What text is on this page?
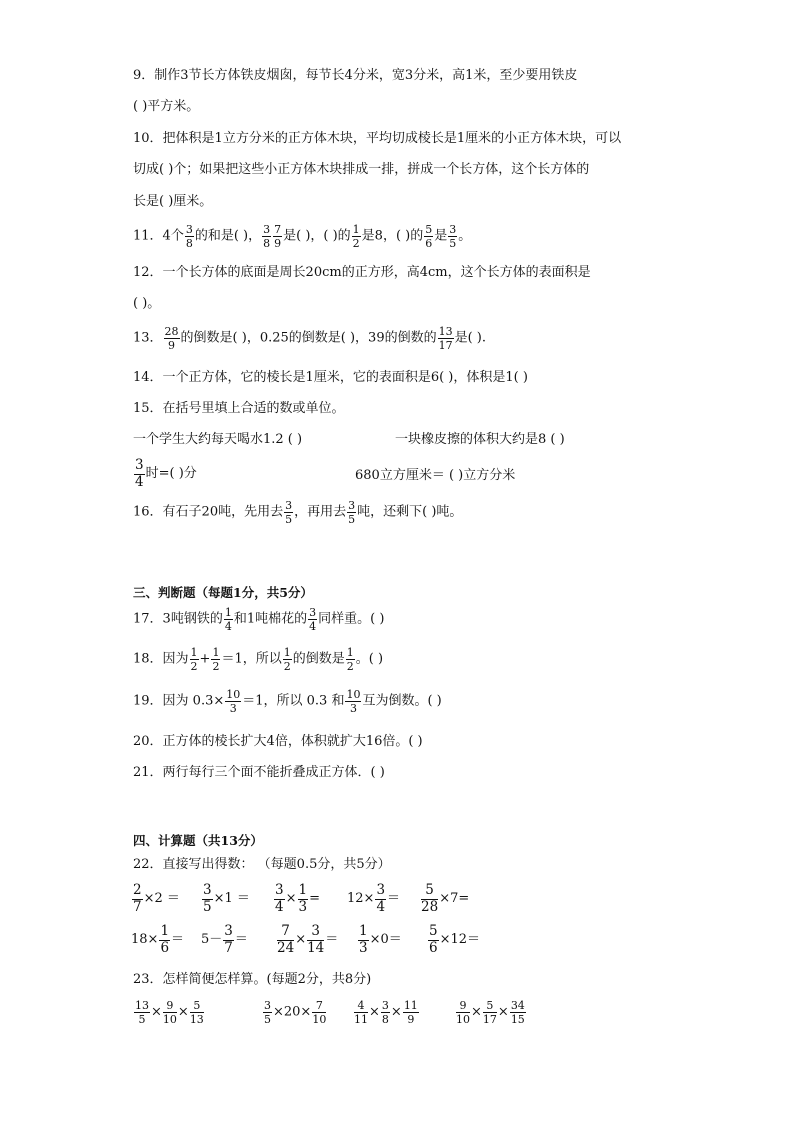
9．制作3节长方体铁皮烟囱，每节长4分米，宽3分米，高1米，至少要用铁皮
( )平方米。
10．把体积是1立方分米的正方体木块，平均切成棱长是1厘米的小正方体木块，可以
切成( )个；如果把这些小正方体木块排成一排，拼成一个长方体，这个长方体的
长是( )厘米。
11．4个 $\frac{3}{8}$ 的和是( )， $\frac{3}{8} \frac{7}{9}$ 是( )，( )的 $\frac{1}{2}$ 是8，( )的 $\frac{5}{6}$ 是 $\frac{3}{5}$ 。
12．一个长方体的底面是周长20cm的正方形，高4cm，这个长方体的表面积是
( )。
13． $\frac{28}{9}$ 的倒数是( )，0.25的倒数是( )，39的倒数的 $\frac{13}{17}$ 是( ).
14．一个正方体，它的棱长是1厘米，它的表面积是6( )，体积是1( )
15．在括号里填上合适的数或单位。
一个学生大约每天喝水1.2 ( )	一块橡皮擦的体积大约是8 ( )
$\frac{3}{4}$ 时=( )分	680立方厘米＝ ( )立方分米
16．有石子20吨，先用去 $\frac{3}{5}$ ，再用去 $\frac{3}{5}$ 吨，还剩下( )吨。
三、判断题（每题1分，共5分）
17．3吨钢铁的 $\frac{1}{4}$ 和1吨棉花的 $\frac{3}{4}$ 同样重。( )
18．因为 $\frac{1}{2} + \frac{1}{2} =1$，所以 $\frac{1}{2}$ 的倒数是 $\frac{1}{2}$ 。( )
19．因为 $0.3\times \frac{10}{3} =1$，所以 0.3 和 $\frac{10}{3}$ 互为倒数。( )
20．正方体的棱长扩大4倍，体积就扩大16倍。( )
21．两行每行三个面不能折叠成正方体．( )
四、计算题（共13分）
22．直接写出得数： （每题0.5分，共5分）
$\frac{2}{7} \times 2 = \frac{3}{5} \times 1 = \frac{3}{4} \times \frac{1}{3} = 12\times \frac{3}{4} = \frac{5}{28} \times 7=$
$18\times \frac{1}{6} = 5- \frac{3}{7} = \frac{7}{24} \times \frac{3}{14} = \frac{1}{3} \times 0= \frac{5}{6} \times 12=$
23．怎样简便怎样算。(每题2分，共8分)
$\frac{13}{5} \times \frac{9}{10} \times \frac{5}{13}$	$\frac{3}{5} \times 20\times \frac{7}{10}$	$\frac{4}{11} \times \frac{3}{8} \times \frac{11}{9}$	$\frac{9}{10} \times \frac{5}{17} \times \frac{34}{15}$
